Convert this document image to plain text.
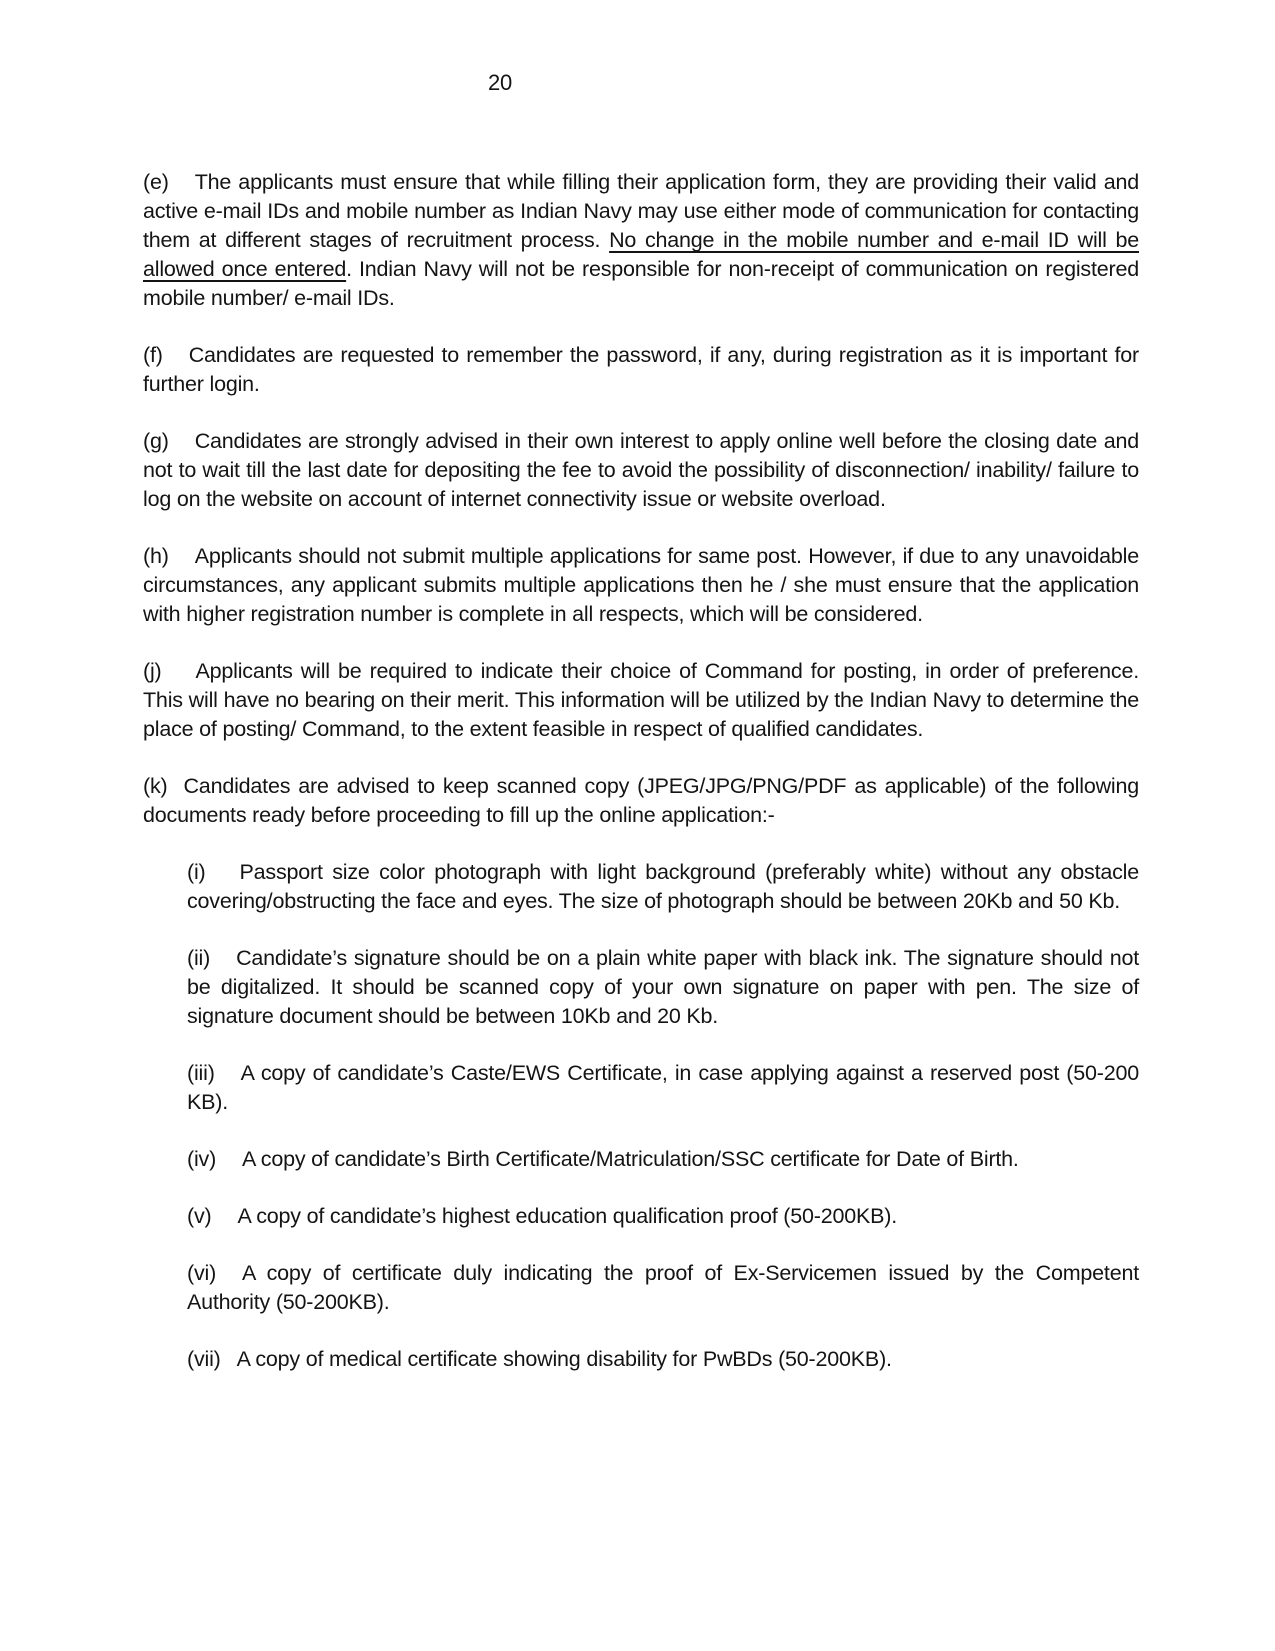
20

(e) The applicants must ensure that while filling their application form, they are providing their valid and active e-mail IDs and mobile number as Indian Navy may use either mode of communication for contacting them at different stages of recruitment process. No change in the mobile number and e-mail ID will be allowed once entered. Indian Navy will not be responsible for non-receipt of communication on registered mobile number/ e-mail IDs.

(f) Candidates are requested to remember the password, if any, during registration as it is important for further login.

(g) Candidates are strongly advised in their own interest to apply online well before the closing date and not to wait till the last date for depositing the fee to avoid the possibility of disconnection/ inability/ failure to log on the website on account of internet connectivity issue or website overload.

(h) Applicants should not submit multiple applications for same post. However, if due to any unavoidable circumstances, any applicant submits multiple applications then he / she must ensure that the application with higher registration number is complete in all respects, which will be considered.

(j) Applicants will be required to indicate their choice of Command for posting, in order of preference. This will have no bearing on their merit. This information will be utilized by the Indian Navy to determine the place of posting/ Command, to the extent feasible in respect of qualified candidates.

(k) Candidates are advised to keep scanned copy (JPEG/JPG/PNG/PDF as applicable) of the following documents ready before proceeding to fill up the online application:-

(i) Passport size color photograph with light background (preferably white) without any obstacle covering/obstructing the face and eyes. The size of photograph should be between 20Kb and 50 Kb.

(ii) Candidate’s signature should be on a plain white paper with black ink. The signature should not be digitalized. It should be scanned copy of your own signature on paper with pen. The size of signature document should be between 10Kb and 20 Kb.

(iii) A copy of candidate’s Caste/EWS Certificate, in case applying against a reserved post (50-200 KB).

(iv) A copy of candidate’s Birth Certificate/Matriculation/SSC certificate for Date of Birth.

(v) A copy of candidate’s highest education qualification proof (50-200KB).

(vi) A copy of certificate duly indicating the proof of Ex-Servicemen issued by the Competent Authority (50-200KB).

(vii) A copy of medical certificate showing disability for PwBDs (50-200KB).
